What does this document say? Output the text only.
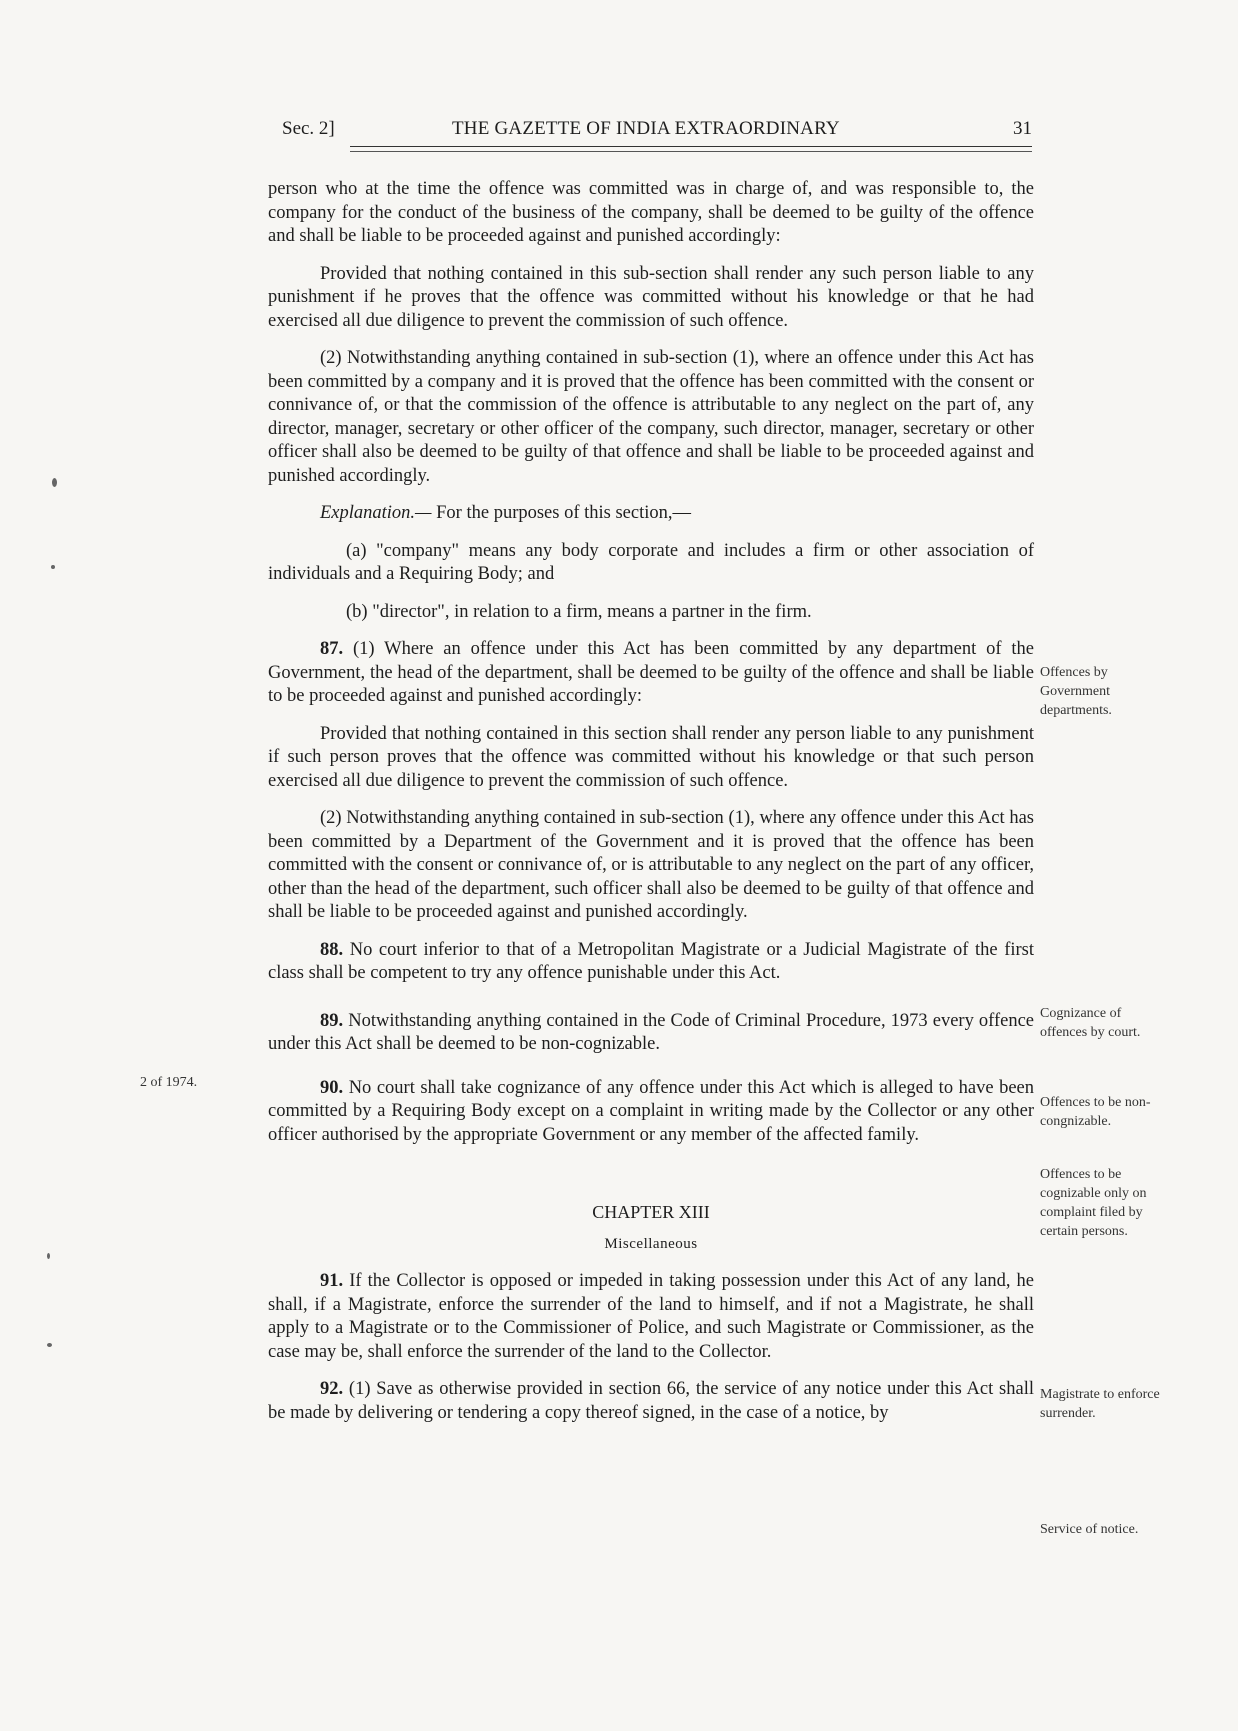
Sec. 2]	THE GAZETTE OF INDIA EXTRAORDINARY	31

person who at the time the offence was committed was in charge of, and was responsible to, the company for the conduct of the business of the company, shall be deemed to be guilty of the offence and shall be liable to be proceeded against and punished accordingly:

Provided that nothing contained in this sub-section shall render any such person liable to any punishment if he proves that the offence was committed without his knowledge or that he had exercised all due diligence to prevent the commission of such offence.

(2) Notwithstanding anything contained in sub-section (1), where an offence under this Act has been committed by a company and it is proved that the offence has been committed with the consent or connivance of, or that the commission of the offence is attributable to any neglect on the part of, any director, manager, secretary or other officer of the company, such director, manager, secretary or other officer shall also be deemed to be guilty of that offence and shall be liable to be proceeded against and punished accordingly.

Explanation.— For the purposes of this section,—

(a) "company" means any body corporate and includes a firm or other association of individuals and a Requiring Body; and

(b) "director", in relation to a firm, means a partner in the firm.

87. (1) Where an offence under this Act has been committed by any department of the Government, the head of the department, shall be deemed to be guilty of the offence and shall be liable to be proceeded against and punished accordingly:

Provided that nothing contained in this section shall render any person liable to any punishment if such person proves that the offence was committed without his knowledge or that such person exercised all due diligence to prevent the commission of such offence.

(2) Notwithstanding anything contained in sub-section (1), where any offence under this Act has been committed by a Department of the Government and it is proved that the offence has been committed with the consent or connivance of, or is attributable to any neglect on the part of any officer, other than the head of the department, such officer shall also be deemed to be guilty of that offence and shall be liable to be proceeded against and punished accordingly.

88. No court inferior to that of a Metropolitan Magistrate or a Judicial Magistrate of the first class shall be competent to try any offence punishable under this Act.

89. Notwithstanding anything contained in the Code of Criminal Procedure, 1973 every offence under this Act shall be deemed to be non-cognizable.

90. No court shall take cognizance of any offence under this Act which is alleged to have been committed by a Requiring Body except on a complaint in writing made by the Collector or any other officer authorised by the appropriate Government or any member of the affected family.

CHAPTER XIII
Miscellaneous

91. If the Collector is opposed or impeded in taking possession under this Act of any land, he shall, if a Magistrate, enforce the surrender of the land to himself, and if not a Magistrate, he shall apply to a Magistrate or to the Commissioner of Police, and such Magistrate or Commissioner, as the case may be, shall enforce the surrender of the land to the Collector.

92. (1) Save as otherwise provided in section 66, the service of any notice under this Act shall be made by delivering or tendering a copy thereof signed, in the case of a notice, by

Offences by Government departments.
Cognizance of offences by court.
Offences to be non-congnizable.
Offences to be cognizable only on complaint filed by certain persons.
Magistrate to enforce surrender.
Service of notice.
2 of 1974.
